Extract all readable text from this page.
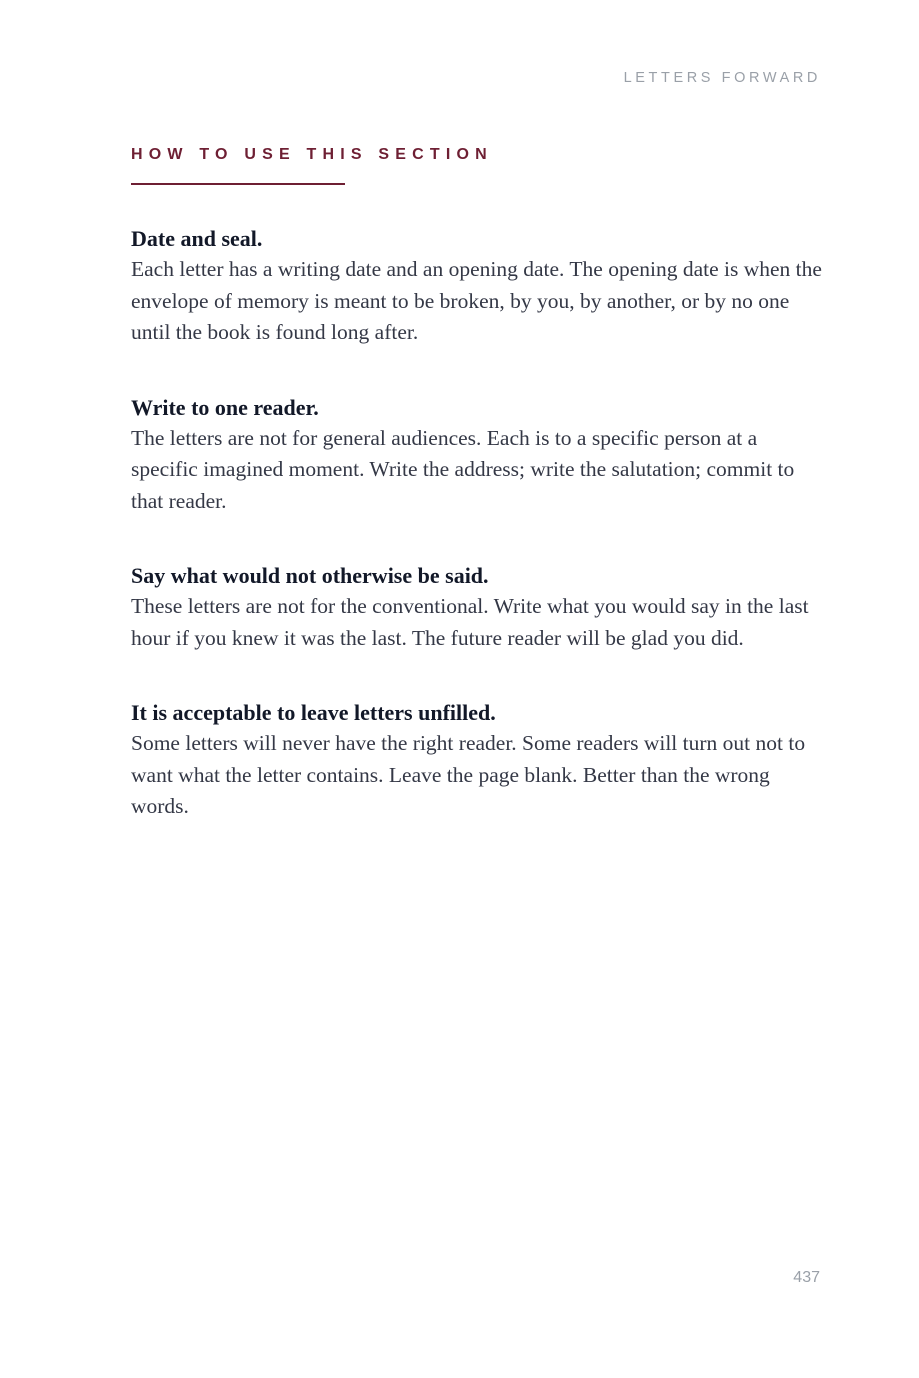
LETTERS FORWARD
HOW TO USE THIS SECTION
Date and seal.

Each letter has a writing date and an opening date. The opening date is when the envelope of memory is meant to be broken, by you, by another, or by no one until the book is found long after.

Write to one reader.

The letters are not for general audiences. Each is to a specific person at a specific imagined moment. Write the address; write the salutation; commit to that reader.

Say what would not otherwise be said.

These letters are not for the conventional. Write what you would say in the last hour if you knew it was the last. The future reader will be glad you did.

It is acceptable to leave letters unfilled.

Some letters will never have the right reader. Some readers will turn out not to want what the letter contains. Leave the page blank. Better than the wrong words.

437
